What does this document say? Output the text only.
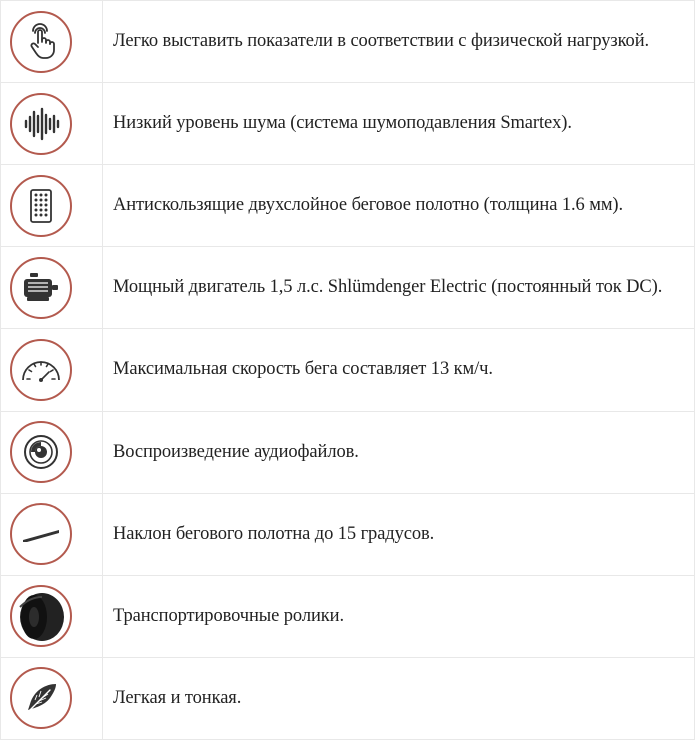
	Легко выставить показатели в соответствии с физической нагрузкой.

	Низкий уровень шума (система шумоподавления Smartex).

	Антискользящие двухслойное беговое полотно (толщина 1.6 мм).

	Мощный двигатель 1,5 л.с. Shlümdenger Electric (постоянный ток DC).

	Максимальная скорость бега составляет 13 км/ч.

	Воспроизведение аудиофайлов.

	Наклон бегового полотна до 15 градусов.

	Транспортировочные ролики.

	Легкая и тонкая.
